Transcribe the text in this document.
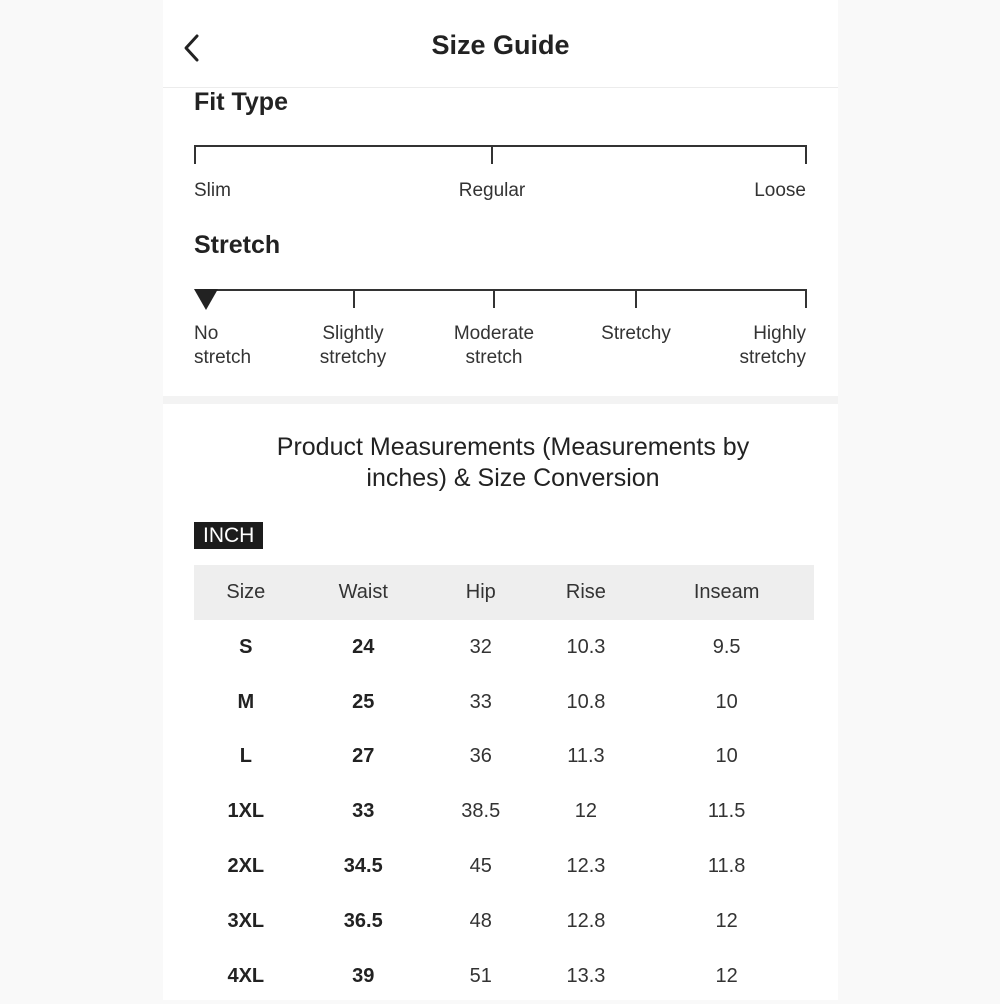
Size Guide
Fit Type
Slim	Regular	Loose
Stretch
No
stretch
Slightly
stretchy
Moderate
stretch
Stretchy	Highly
stretchy
Product Measurements (Measurements by
inches) & Size Conversion
INCH
Size	Waist	Hip	Rise	Inseam
S	24	32	10.3	9.5
M	25	33	10.8	10
L	27	36	11.3	10
1XL	33	38.5	12	11.5
2XL	34.5	45	12.3	11.8
3XL	36.5	48	12.8	12
4XL	39	51	13.3	12
